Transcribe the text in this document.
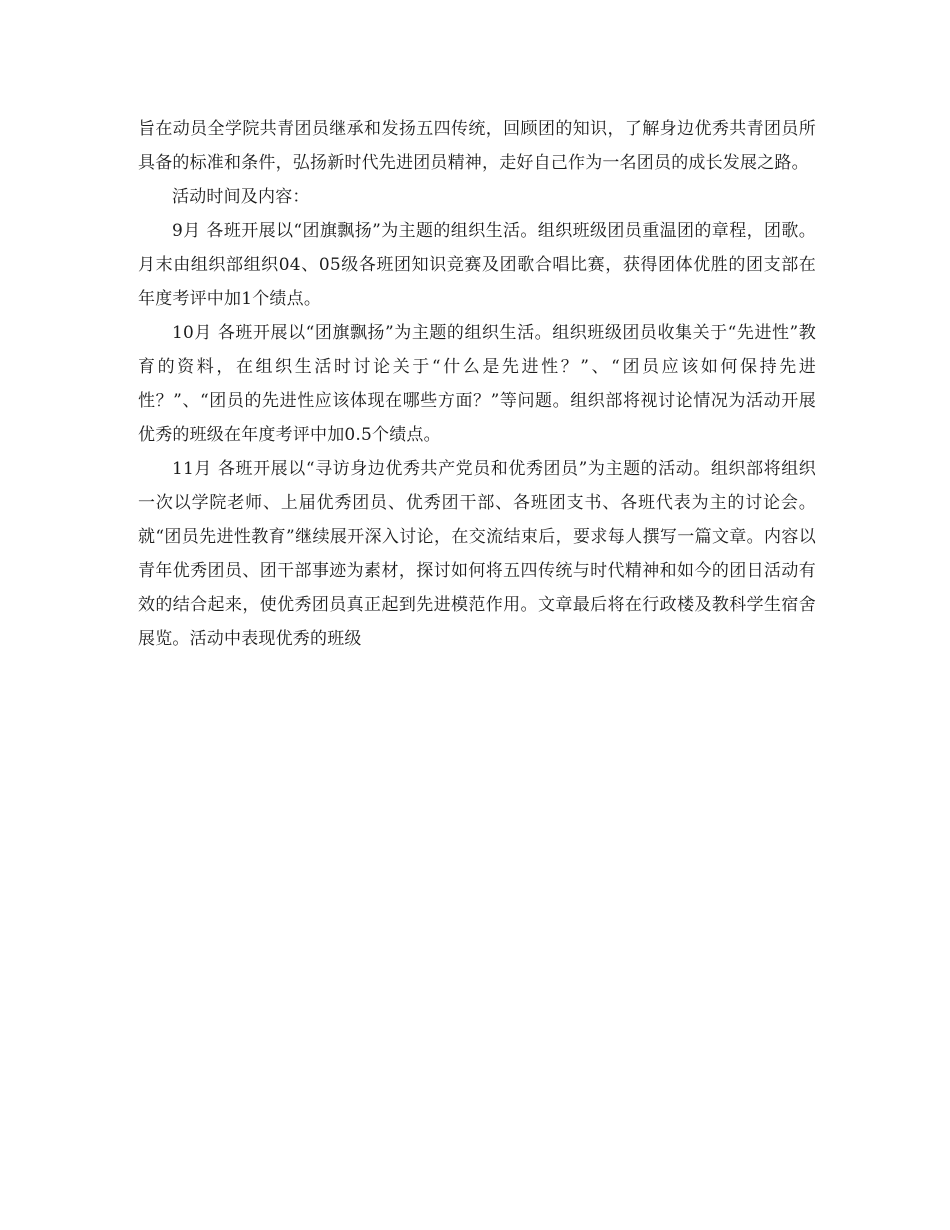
旨在动员全学院共青团员继承和发扬五四传统，回顾团的知识，了解身边优秀共青团员所具备的标准和条件，弘扬新时代先进团员精神，走好自己作为一名团员的成长发展之路。

活动时间及内容：

9月 各班开展以“团旗飘扬”为主题的组织生活。组织班级团员重温团的章程，团歌。月末由组织部组织04、05级各班团知识竞赛及团歌合唱比赛，获得团体优胜的团支部在年度考评中加1个绩点。

10月 各班开展以“团旗飘扬”为主题的组织生活。组织班级团员收集关于“先进性”教育的资料，在组织生活时讨论关于“什么是先进性？”、“团员应该如何保持先进性？”、“团员的先进性应该体现在哪些方面？”等问题。组织部将视讨论情况为活动开展优秀的班级在年度考评中加0.5个绩点。

11月 各班开展以“寻访身边优秀共产党员和优秀团员”为主题的活动。组织部将组织一次以学院老师、上届优秀团员、优秀团干部、各班团支书、各班代表为主的讨论会。就“团员先进性教育”继续展开深入讨论，在交流结束后，要求每人撰写一篇文章。内容以青年优秀团员、团干部事迹为素材，探讨如何将五四传统与时代精神和如今的团日活动有效的结合起来，使优秀团员真正起到先进模范作用。文章最后将在行政楼及教科学生宿舍展览。活动中表现优秀的班级
